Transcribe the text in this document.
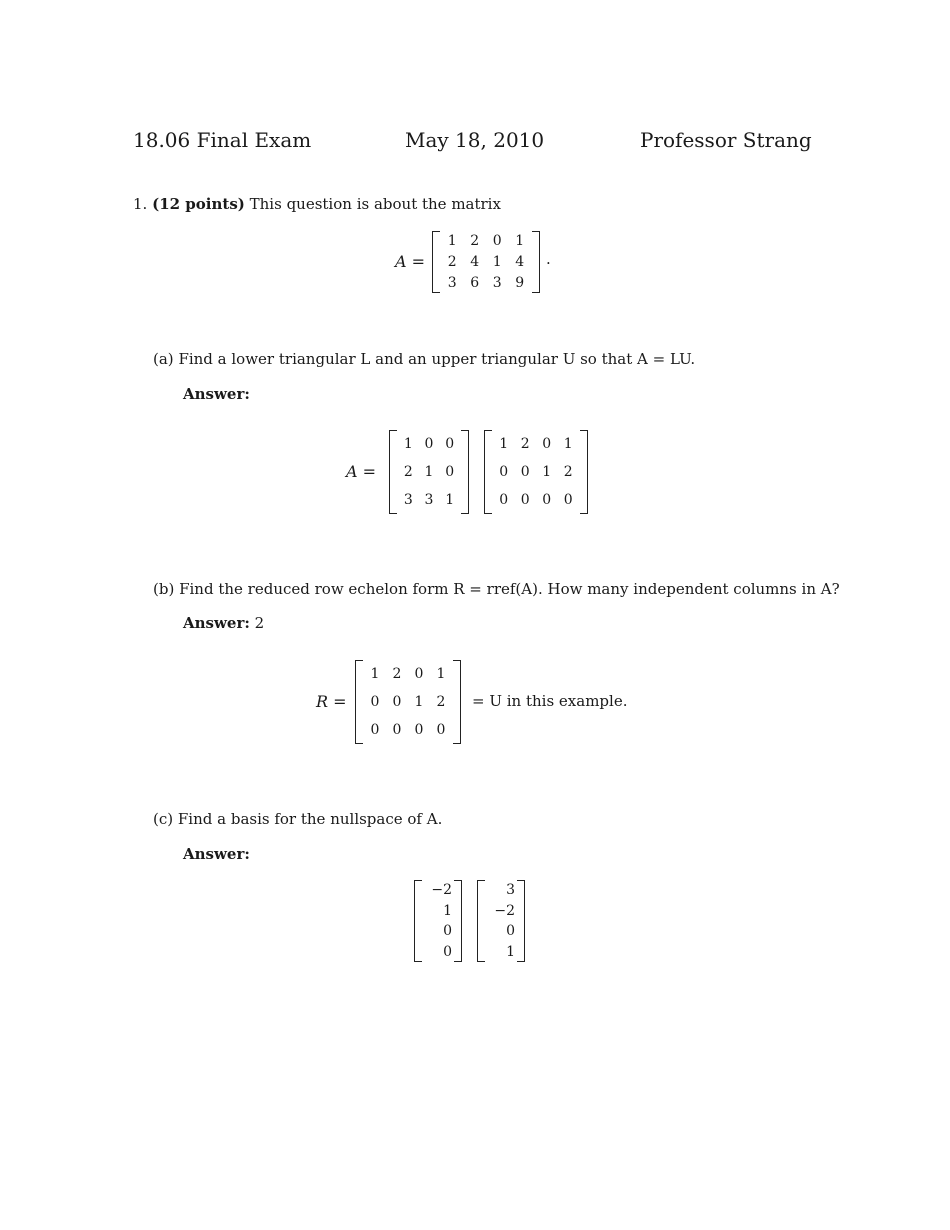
18.06 Final Exam	May 18, 2010	Professor Strang
1. (12 points) This question is about the matrix
A =
1 2 0 1
2 4 1 4
3 6 3 9
.
(a) Find a lower triangular L and an upper triangular U so that A = LU.
Answer:
A =
1 0 0
2 1 0
3 3 1
1 2 0 1
0 0 1 2
0 0 0 0
(b) Find the reduced row echelon form R = rref(A). How many independent columns in A?
Answer: 2
R =
1 2 0 1
0 0 1 2
0 0 0 0
= U in this example.
(c) Find a basis for the nullspace of A.
Answer:
−2
1
0
0
3
−2
0
1
